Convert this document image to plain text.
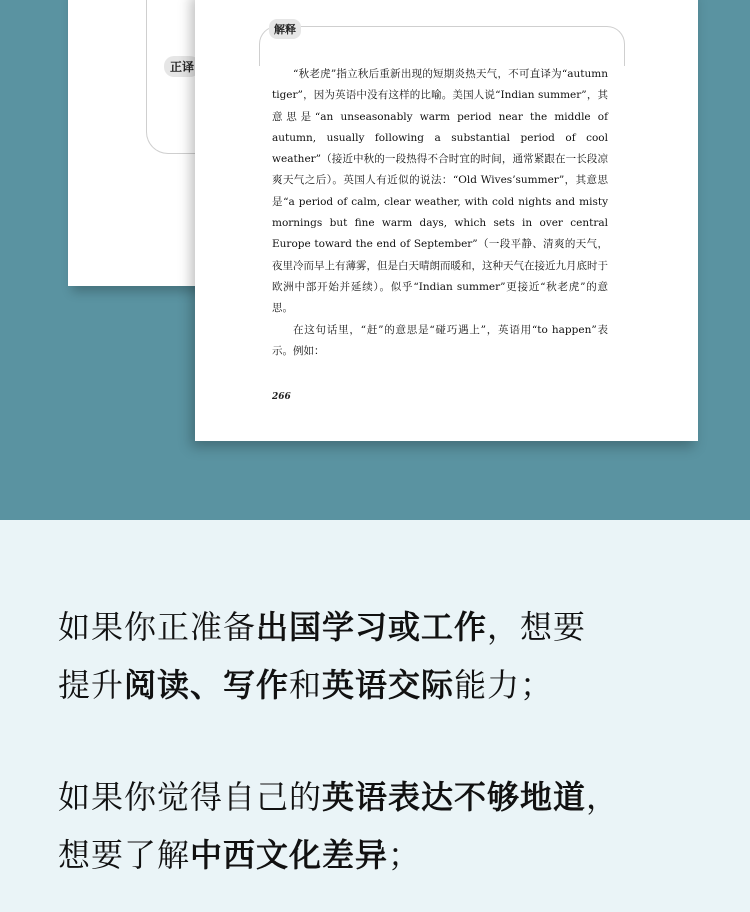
正译
解释

“秋老虎”指立秋后重新出现的短期炎热天气，不可直译为“autumn tiger”，因为英语中没有这样的比喻。美国人说“Indian summer”，其意思是“an unseasonably warm period near the middle of autumn, usually following a substantial period of cool weather”（接近中秋的一段热得不合时宜的时间，通常紧跟在一长段凉爽天气之后）。英国人有近似的说法：“Old Wives’summer”，其意思是“a period of calm, clear weather, with cold nights and misty mornings but fine warm days, which sets in over central Europe toward the end of September”（一段平静、清爽的天气，夜里冷而早上有薄雾，但是白天晴朗而暖和，这种天气在接近九月底时于欧洲中部开始并延续）。似乎“Indian summer”更接近“秋老虎”的意思。

在这句话里，“赶”的意思是“碰巧遇上”，英语用“to happen”表示。例如：

266
如果你正准备出国学习或工作，想要
提升阅读、写作和英语交际能力；
如果你觉得自己的英语表达不够地道，
想要了解中西文化差异；
